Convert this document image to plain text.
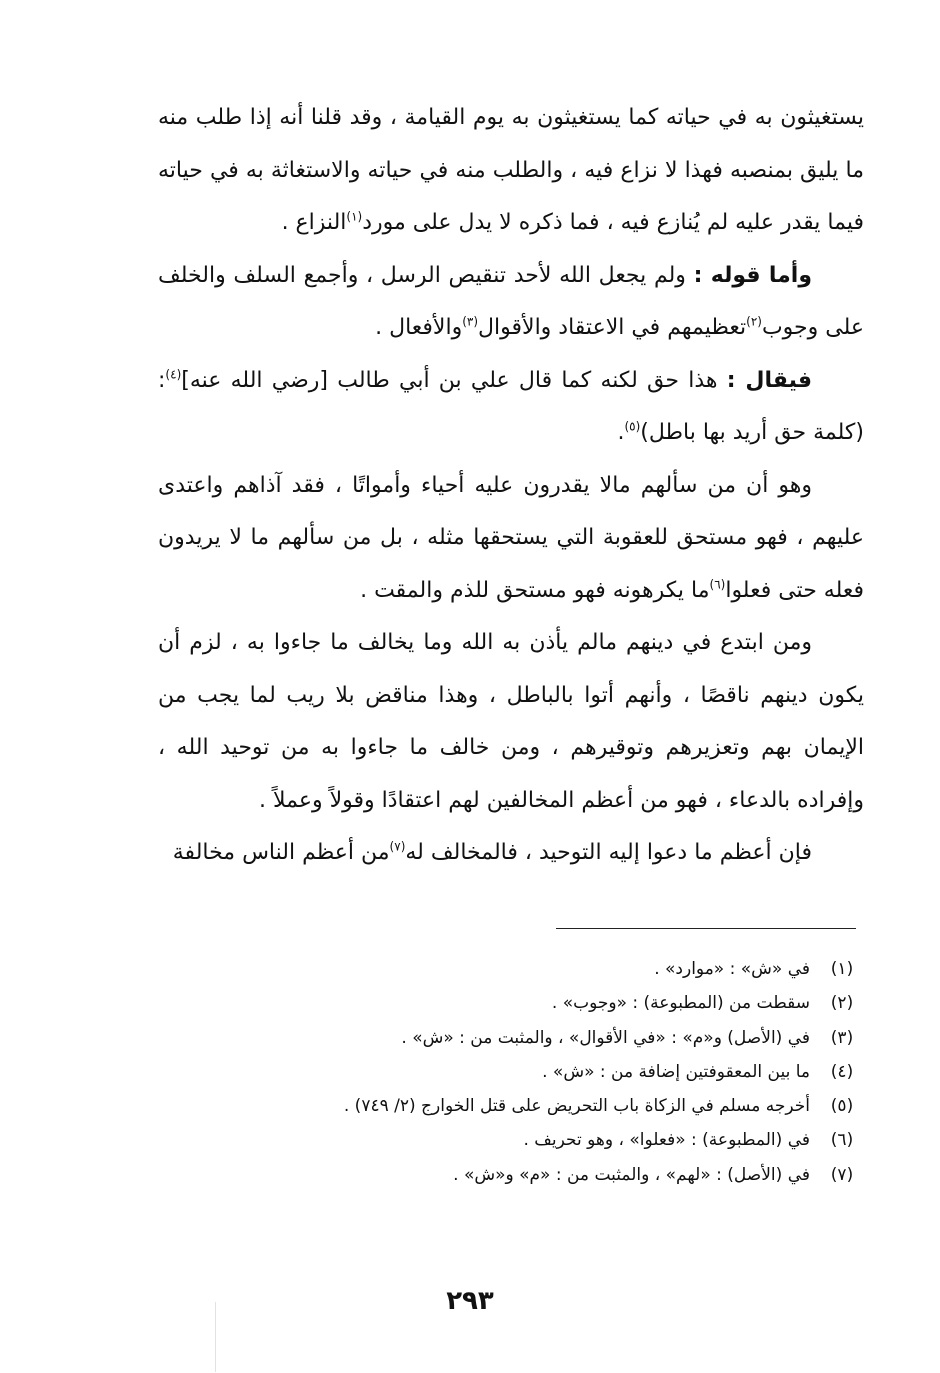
يستغيثون به في حياته كما يستغيثون به يوم القيامة ، وقد قلنا أنه إذا طلب منه ما يليق بمنصبه فهذا لا نزاع فيه ، والطلب منه في حياته والاستغاثة به في حياته فيما يقدر عليه لم يُنازع فيه ، فما ذكره لا يدل على مورد$^{(١)}$النزاع .

وأما قوله : ولم يجعل الله لأحد تنقيص الرسل ، وأجمع السلف والخلف على وجوب$^{(٢)}$تعظيمهم في الاعتقاد والأقوال$^{(٣)}$والأفعال .

فيقال : هذا حق لكنه كما قال علي بن أبي طالب [رضي الله عنه]$^{(٤)}$: (كلمة حق أريد بها باطل)$^{(٥)}$.

وهو أن من سألهم مالا يقدرون عليه أحياء وأمواتًا ، فقد آذاهم واعتدى عليهم ، فهو مستحق للعقوبة التي يستحقها مثله ، بل من سألهم ما لا يريدون فعله حتى فعلوا$^{(٦)}$ما يكرهونه فهو مستحق للذم والمقت .

ومن ابتدع في دينهم مالم يأذن به الله وما يخالف ما جاءوا به ، لزم أن يكون دينهم ناقصًا ، وأنهم أتوا بالباطل ، وهذا مناقض بلا ريب لما يجب من الإيمان بهم وتعزيرهم وتوقيرهم ، ومن خالف ما جاءوا به من توحيد الله ، وإفراده بالدعاء ، فهو من أعظم المخالفين لهم اعتقادًا وقولاً وعملاً .

فإن أعظم ما دعوا إليه التوحيد ، فالمخالف له$^{(٧)}$من أعظم الناس مخالفة

(١)
في «ش» : «موارد» .
(٢)
سقطت من (المطبوعة) : «وجوب» .
(٣)
في (الأصل) و«م» : «في الأقوال» ، والمثبت من : «ش» .
(٤)
ما بين المعقوفتين إضافة من : «ش» .
(٥)
أخرجه مسلم في الزكاة باب التحريض على قتل الخوارج (٢/ ٧٤٩) .
(٦)
في (المطبوعة) : «فعلوا» ، وهو تحريف .
(٧)
في (الأصل) : «لهم» ، والمثبت من : «م» و«ش» .
٢٩٣
